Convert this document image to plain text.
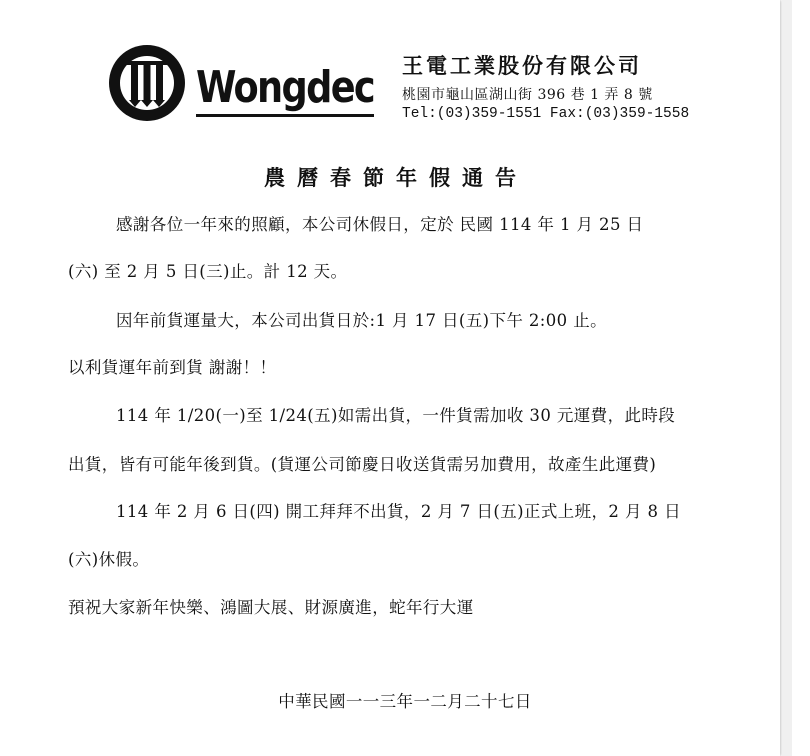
Wongdec 王電工業股份有限公司
桃園市龜山區湖山街 396 巷 1 弄 8 號
Tel:(03)359-1551 Fax:(03)359-1558
農曆春節年假通告
感謝各位一年來的照顧，本公司休假日，定於 民國 114 年 1 月 25 日
(六) 至 2 月 5 日(三)止。計 12 天。
因年前貨運量大，本公司出貨日於:1 月 17 日(五)下午 2:00 止。
以利貨運年前到貨 謝謝！！
114 年 1/20(一)至 1/24(五)如需出貨，一件貨需加收 30 元運費，此時段
出貨，皆有可能年後到貨。(貨運公司節慶日收送貨需另加費用，故產生此運費)
114 年 2 月 6 日(四) 開工拜拜不出貨，2 月 7 日(五)正式上班，2 月 8 日
(六)休假。
預祝大家新年快樂、鴻圖大展、財源廣進，蛇年行大運
中華民國一一三年一二月二十七日
